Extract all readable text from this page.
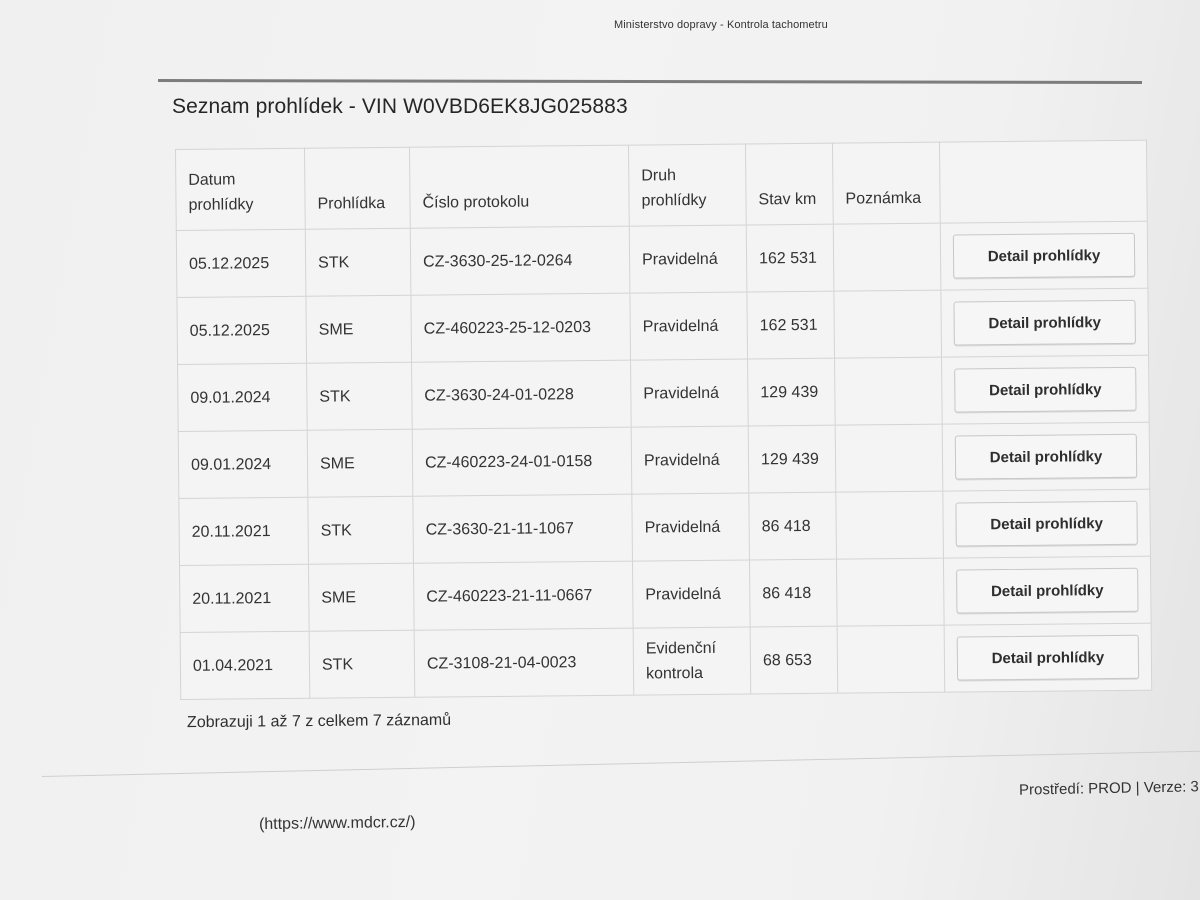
Ministerstvo dopravy - Kontrola tachometru
Seznam prohlídek - VIN W0VBD6EK8JG025883
Datum prohlídky	Prohlídka	Číslo protokolu	Druh prohlídky	Stav km	Poznámka	
05.12.2025	STK	CZ-3630-25-12-0264	Pravidelná	162 531		Detail prohlídky

05.12.2025	SME	CZ-460223-25-12-0203	Pravidelná	162 531		Detail prohlídky

09.01.2024	STK	CZ-3630-24-01-0228	Pravidelná	129 439		Detail prohlídky

09.01.2024	SME	CZ-460223-24-01-0158	Pravidelná	129 439		Detail prohlídky

20.11.2021	STK	CZ-3630-21-11-1067	Pravidelná	86 418		Detail prohlídky

20.11.2021	SME	CZ-460223-21-11-0667	Pravidelná	86 418		Detail prohlídky

01.04.2021	STK	CZ-3108-21-04-0023	Evidenční kontrola	68 653		Detail prohlídky
Zobrazuji 1 až 7 z celkem 7 záznamů
Prostředí: PROD | Verze: 3
(https://www.mdcr.cz/)
